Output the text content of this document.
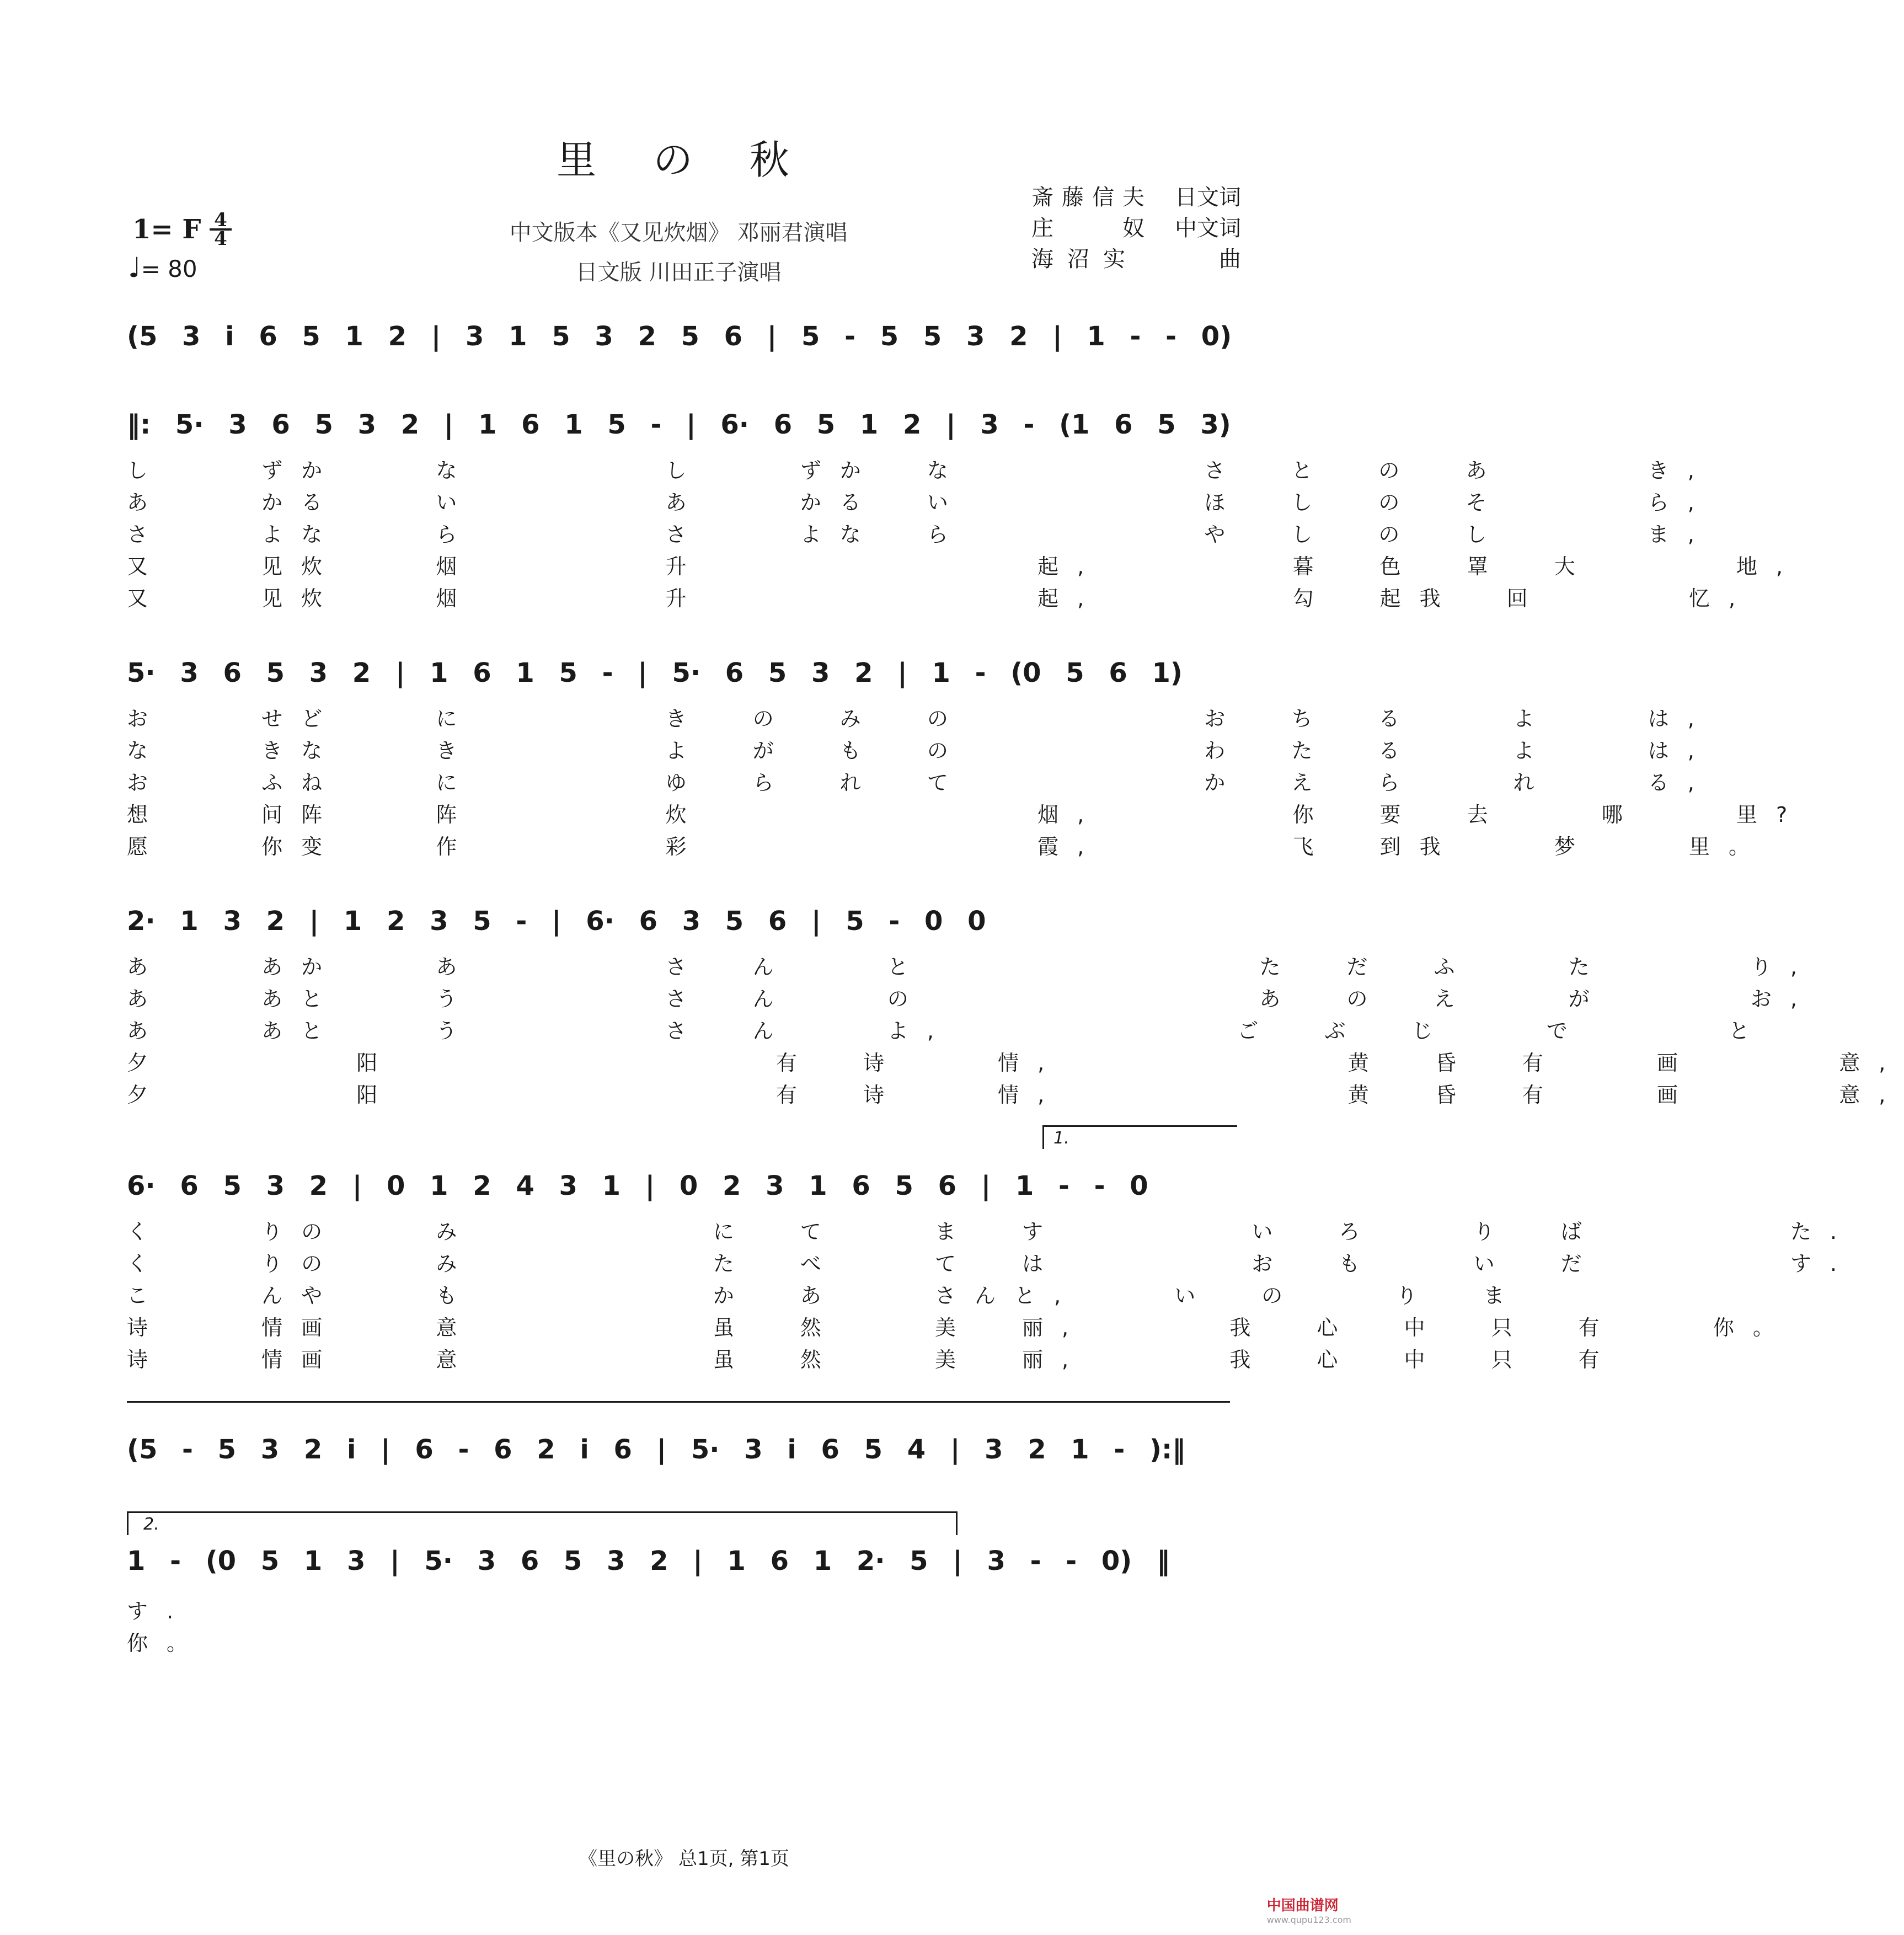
里 の 秋
斎 藤 信 夫 日文词
庄	奴 中文词
海 沼 实	曲
1= F 4
4
♩= 80
中文版本《又见炊烟》 邓丽君演唱
日文版 川田正子演唱
(5 3 i 6 5 1 2 | 3 1 5 3 2 5 6 | 5 - 5 5 3 2 | 1 - - 0)
‖: 5· 3 6 5 3 2 | 1 6 1 5 - | 6· 6 5 1 2 | 3 - (1 6 5 3)
し  ずか  な    し  ずか な     さ と の あ   き,
あ  かる  い    あ  かる い     ほ し の そ   ら,
さ  よな  ら    さ  よな ら     や し の し   ま,
又  见炊  烟    升       起,    暮 色 罩 大   地,
又  见炊  烟    升       起,    勾 起我 回   忆,
5· 3 6 5 3 2 | 1 6 1 5 - | 5· 6 5 3 2 | 1 - (0 5 6 1)
お  せど  に    き の み の     お ち る  よ  は,
な  きな  き    よ が も の     わ た る  よ  は,
お  ふね  に    ゆ ら れ て     か え ら  れ  る,
想  问阵  阵    炊       烟,    你 要 去  哪  里?
愿  你变  作    彩       霞,    飞 到我  梦  里。
2· 1 3 2 | 1 2 3 5 - | 6· 6 3 5 6 | 5 - 0 0
あ  あか  あ    さ ん  と       た だ ふ  た   り,
あ  あと  う    さ ん  の       あ の え  が   お,
あ  あと  う    さ ん  よ,      ご ぶ じ  で   と
夕    阳        有 诗  情,      黄 昏 有  画   意,
夕    阳        有 诗  情,      黄 昏 有  画   意,
1.
6· 6 5 3 2 | 0 1 2 4 3 1 | 0 2 3 1 6 5 6 | 1 - - 0
く  りの  み     に て  ま す    い ろ  り ば    た.
く  りの  み     た べ  て は    お も  い だ    す.
こ  んや  も     か あ  さんと,  い の  り ま
诗  情画  意     虽 然  美 丽,   我 心 中 只 有  你。
诗  情画  意     虽 然  美 丽,   我 心 中 只 有
(5 - 5 3 2 i | 6 - 6 2 i 6 | 5· 3 i 6 5 4 | 3 2 1 - ):‖
2.
1 - (0 5 1 3 | 5· 3 6 5 3 2 | 1 6 1 2· 5 | 3 - - 0) ‖
す.
你。
《里の秋》 总1页, 第1页
中国曲谱网
www.qupu123.com
